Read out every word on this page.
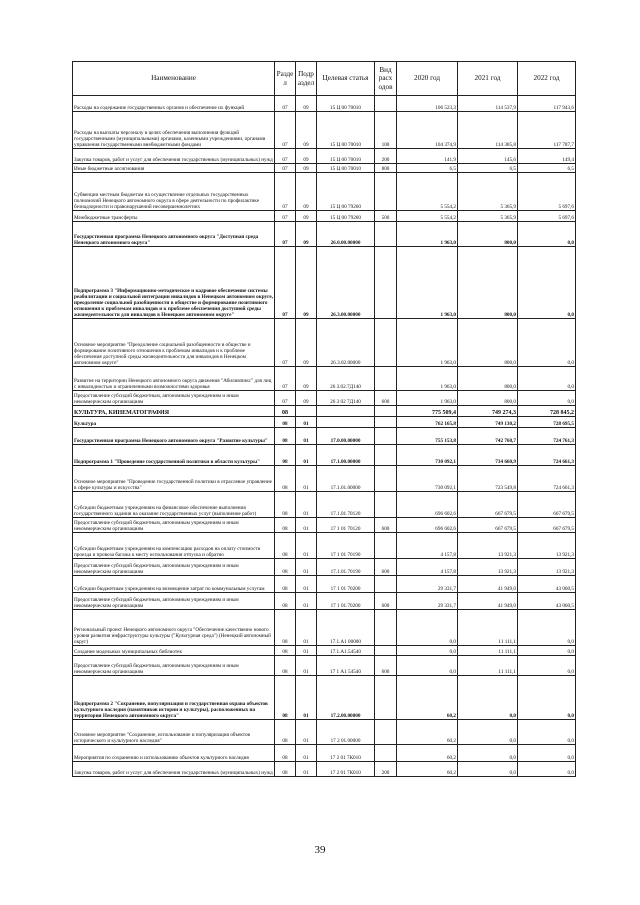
Наименование	Разде л	Подр аздел	Целевая статья	Вид расх одов	2020 год	2021 год	2022 год
Расходы на содержание государственных органов и обеспечение их функций	07	09	15 Ц 00 70010		106 523,3	114 537,9	117 943,6
Расходы на выплаты персоналу в целях обеспечения выполнения функций государственными (муниципальными) органами, казенными учреждениями, органами управления государственными внебюджетными фондами	07	09	15 Ц 00 70010	100	104 374,9	114 385,8	117 787,7
Закупка товаров, работ и услуг для обеспечения государственных (муниципальных) нужд	07	09	15 Ц 00 70010	200	141,9	145,6	149,4
Иные бюджетные ассигнования	07	09	15 Ц 00 70010	800	6,5	6,5	6,5
Субвенции местным бюджетам на осуществление отдельных государственных полномочий Ненецкого автономного округа в сфере деятельности по профилактике безнадзорности и правонарушений несовершеннолетних	07	09	15 Ц 00 79260		5 554,2	5 365,9	5 697,6
Межбюджетные трансферты	07	09	15 Ц 00 79260	500	5 554,2	5 365,9	5 697,6
Государственная программа Ненецкого автономного округа "Доступная среда Ненецкого автономного округа"	07	09	26.0.00.00000		1 963,0	800,0	0,0
Подпрограмма 3 "Информационно-методическое и кадровое обеспечение системы реабилитации и социальной интеграции инвалидов в Ненецком автономном округе, преодоление социальной разобщенности в обществе и формирование позитивного отношения к проблемам инвалидов и к проблеме обеспечения доступной среды жизнедеятельности для инвалидов в Ненецком автономном округе"	07	09	26.3.00.00000		1 963,0	800,0	0,0
Основное мероприятие "Преодоление социальной разобщенности в обществе и формирование позитивного отношения к проблемам инвалидов и к проблеме обеспечения доступной среды жизнедеятельности для инвалидов в Ненецком автономном округе"	07	09	26.3.02.00000		1 963,0	800,0	0,0
Развитие на территории Ненецкого автономного округа движения "Абилимпикс" для лиц с инвалидностью и ограниченными возможностями здоровья	07	09	26 3.02.7Д140		1 963,0	800,0	0,0
Предоставление субсидий бюджетным, автономным учреждениям и иным некоммерческим организациям	07	09	26 3 02 7Д140	600	1 963,0	800,0	0,0
КУЛЬТУРА, КИНЕМАТОГРАФИЯ	08				775 509,4	749 274,3	728 845,2
Культура	08	01			762 165,8	749 130,2	728 695,5
Государственная программа Ненецкого автономного округа "Развитие культуры"	08	01	17.0.00.00000		755 153,8	742 768,7	724 761,3
Подпрограмма 1 "Проведение государственной политики в области культуры"	08	01	17.1.00.00000		730 092,1	734 660,9	724 661,3
Основное мероприятие "Проведение государственной политики в отраслевое управление в сфере культуры и искусства"	08	01	17.1.01.00000		730 092,1	723 549,8	724 661,3
Субсидии бюджетным учреждениям на финансовое обеспечение выполнения государственного задания на оказание государственных услуг (выполнение работ)	08	01	17.1.01.70120		696 602,6	667 679,5	667 679,5
Предоставление субсидий бюджетным, автономным учреждениям и иным некоммерческим организациям	08	01	17 1 01 70120	600	696 602,6	667 679,5	667 679,5
Субсидии бюджетным учреждениям на компенсацию расходов на оплату стоимости проезда и провоза багажа к месту использования отпуска и обратно	08	01	17 1 01 70190		4 157,8	13 921,3	13 921,3
Предоставление субсидий бюджетным, автономным учреждениям и иным некоммерческим организациям	08	01	17.1.01.70190	600	4 157,8	13 921,3	13 921,3
Субсидии бюджетным учреждениям на возмещение затрат по коммунальным услугам	08	01	17 1 01 70200		29 331,7	41 949,0	43 060,5
Предоставление субсидий бюджетным, автономным учреждениям и иным некоммерческим организациям	08	01	17 1 01.70200	600	29 331,7	41 949,0	43 060,5
Региональный проект Ненецкого автономного округа "Обеспечение качественно нового уровня развития инфраструктуры культуры ("Культурная среда") (Ненецкий автономный округ)	08	01	17.1.А1 00000		0,0	11 111,1	0,0
Создание модельных муниципальных библиотек	08	01	17.1.А1.54540		0,0	11 111,1	0,0
Предоставление субсидий бюджетным, автономным учреждениям и иным некоммерческим организациям	08	01	17 1 А1 54540	600	0,0	11 111,1	0,0
Подпрограмма 2 "Сохранение, популяризация и государственная охрана объектов культурного наследия (памятников истории и культуры), расположенных на территории Ненецкого автономного округа"	08	01	17.2.00.00000		60,2	0,0	0,0
Основное мероприятие "Сохранение, использование и популяризация объектов исторического и культурного наследия"	08	01	17 2 01.00000		60,2	0,0	0,0
Мероприятия по сохранению и использованию объектов культурного наследия	08	01	17 2 01 7К010		60,2	0,0	0,0
Закупка товаров, работ и услуг для обеспечения государственных (муниципальных) нужд	08	01	17 2 01 7К010	200	60,2	0,0	0,0
39
